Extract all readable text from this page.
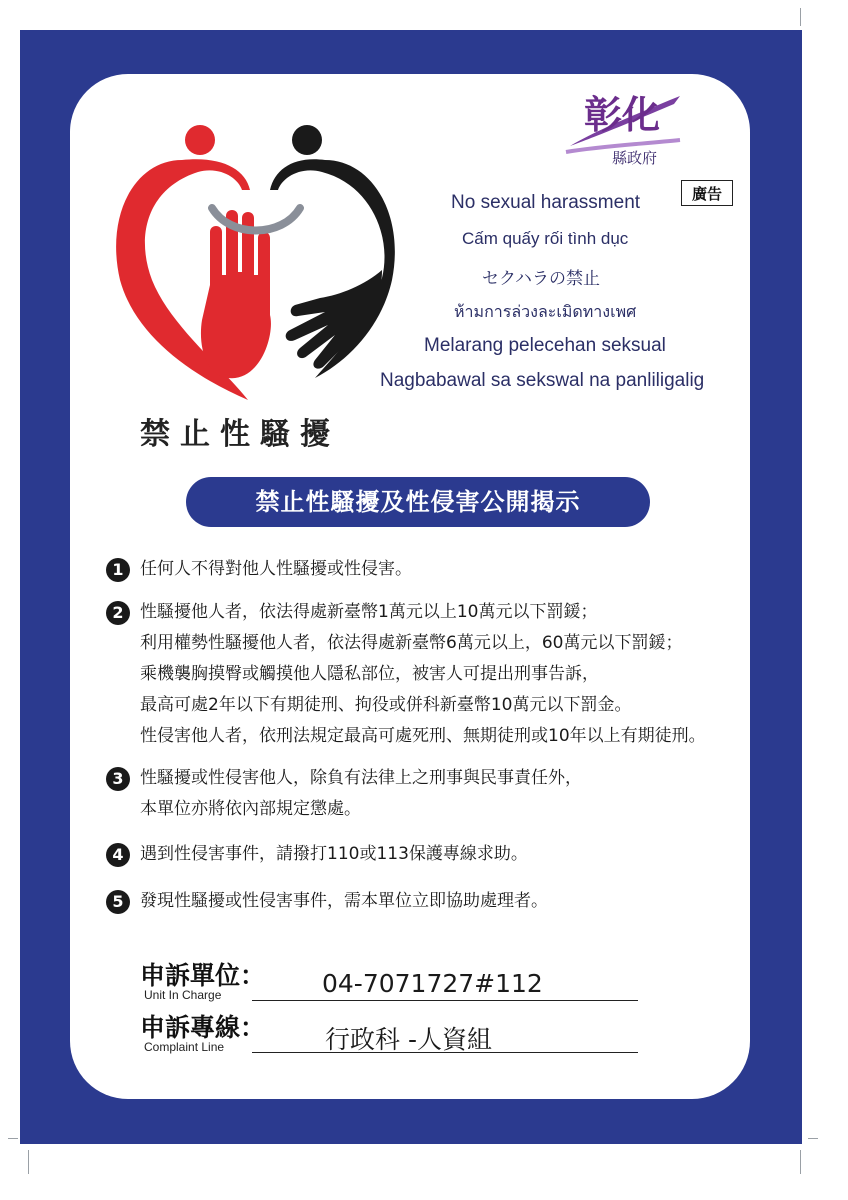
禁止性騷擾
彰化
縣政府
廣告
No sexual harassment
Cấm quấy rối tình dục
セクハラの禁止
ห้ามการล่วงละเมิดทางเพศ
Melarang pelecehan seksual
Nagbabawal sa sekswal na panliligalig
禁止性騷擾及性侵害公開揭示
1 任何人不得對他人性騷擾或性侵害。
2 性騷擾他人者，依法得處新臺幣1萬元以上10萬元以下罰鍰；
利用權勢性騷擾他人者，依法得處新臺幣6萬元以上，60萬元以下罰鍰；
乘機襲胸摸臀或觸摸他人隱私部位，被害人可提出刑事告訴，
最高可處2年以下有期徒刑、拘役或併科新臺幣10萬元以下罰金。
性侵害他人者，依刑法規定最高可處死刑、無期徒刑或10年以上有期徒刑。
3 性騷擾或性侵害他人，除負有法律上之刑事與民事責任外，
本單位亦將依內部規定懲處。
4 遇到性侵害事件，請撥打110或113保護專線求助。
5 發現性騷擾或性侵害事件，需本單位立即協助處理者。
申訴單位：
Unit In Charge	04-7071727#112
申訴專線：
Complaint Line	行政科 -人資組
